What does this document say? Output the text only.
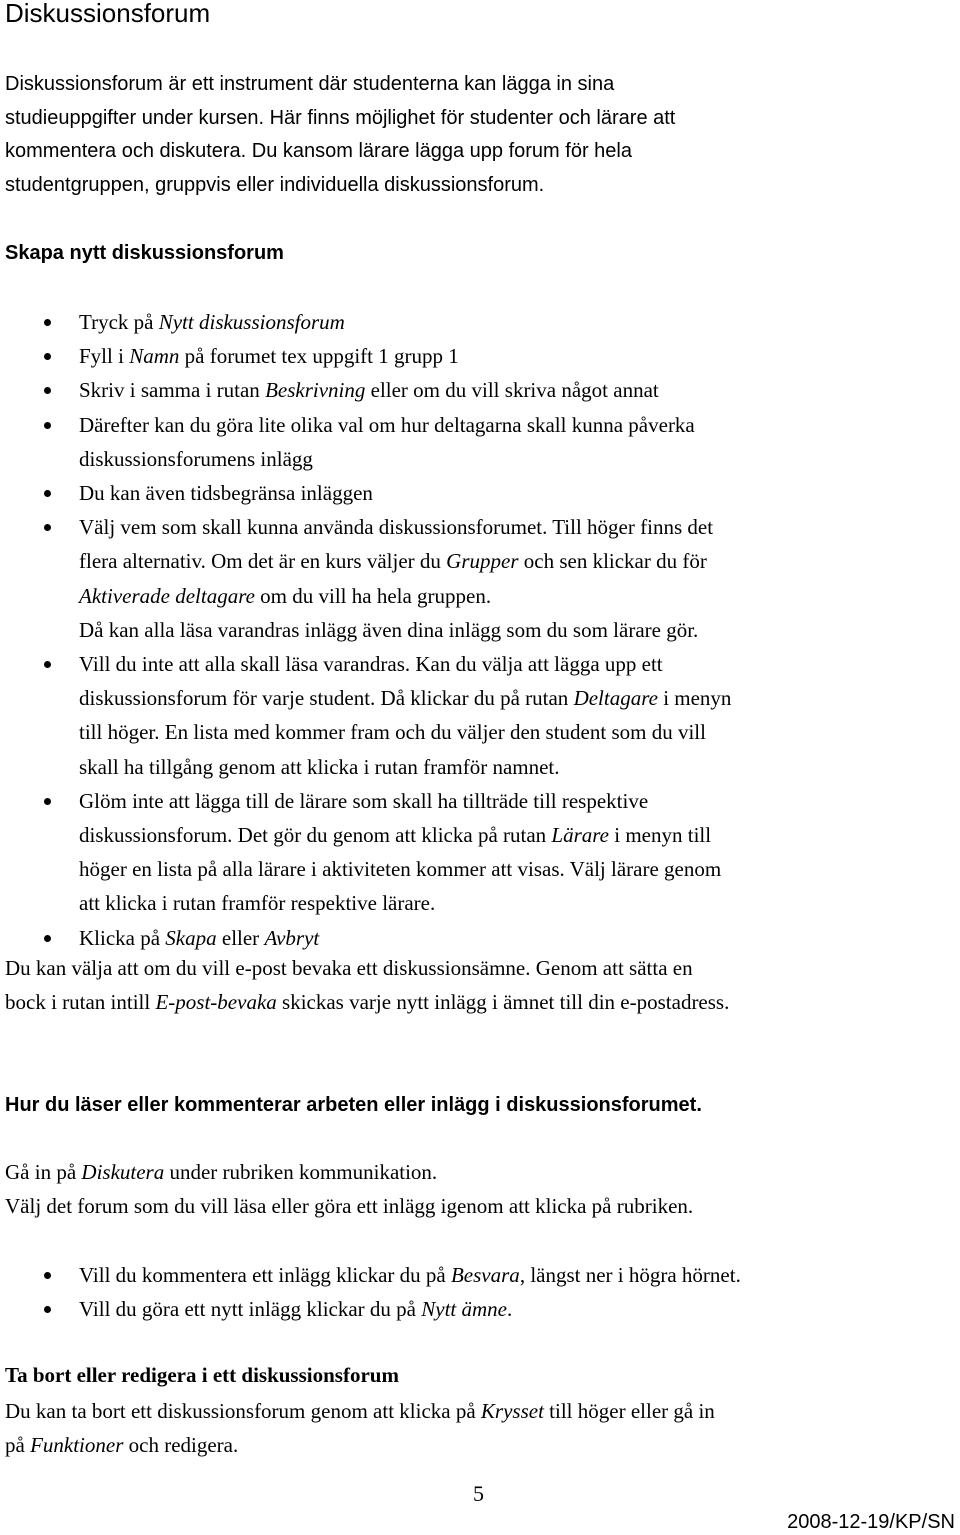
Diskussionsforum

Diskussionsforum är ett instrument där studenterna kan lägga in sina
studieuppgifter under kursen. Här finns möjlighet för studenter och lärare att
kommentera och diskutera. Du kansom lärare lägga upp forum för hela
studentgruppen, gruppvis eller individuella diskussionsforum.

Skapa nytt diskussionsforum
Tryck på Nytt diskussionsforum
Fyll i Namn på forumet tex uppgift 1 grupp 1
Skriv i samma i rutan Beskrivning eller om du vill skriva något annat
Därefter kan du göra lite olika val om hur deltagarna skall kunna påverka
diskussionsforumens inlägg
Du kan även tidsbegränsa inläggen
Välj vem som skall kunna använda diskussionsforumet. Till höger finns det
flera alternativ. Om det är en kurs väljer du Grupper och sen klickar du för
Aktiverade deltagare om du vill ha hela gruppen.
Då kan alla läsa varandras inlägg även dina inlägg som du som lärare gör.
Vill du inte att alla skall läsa varandras. Kan du välja att lägga upp ett
diskussionsforum för varje student. Då klickar du på rutan Deltagare i menyn
till höger. En lista med kommer fram och du väljer den student som du vill
skall ha tillgång genom att klicka i rutan framför namnet.
Glöm inte att lägga till de lärare som skall ha tillträde till respektive
diskussionsforum. Det gör du genom att klicka på rutan Lärare i menyn till
höger en lista på alla lärare i aktiviteten kommer att visas. Välj lärare genom
att klicka i rutan framför respektive lärare.
Klicka på Skapa eller Avbryt

Du kan välja att om du vill e-post bevaka ett diskussionsämne. Genom att sätta en
bock i rutan intill E-post-bevaka skickas varje nytt inlägg i ämnet till din e-postadress.

Hur du läser eller kommenterar arbeten eller inlägg i diskussionsforumet.

Gå in på Diskutera under rubriken kommunikation.
Välj det forum som du vill läsa eller göra ett inlägg igenom att klicka på rubriken.

Vill du kommentera ett inlägg klickar du på Besvara, längst ner i högra hörnet.
Vill du göra ett nytt inlägg klickar du på Nytt ämne.
Ta bort eller redigera i ett diskussionsforum

Du kan ta bort ett diskussionsforum genom att klicka på Krysset till höger eller gå in
på Funktioner och redigera.

5
2008-12-19/KP/SN
